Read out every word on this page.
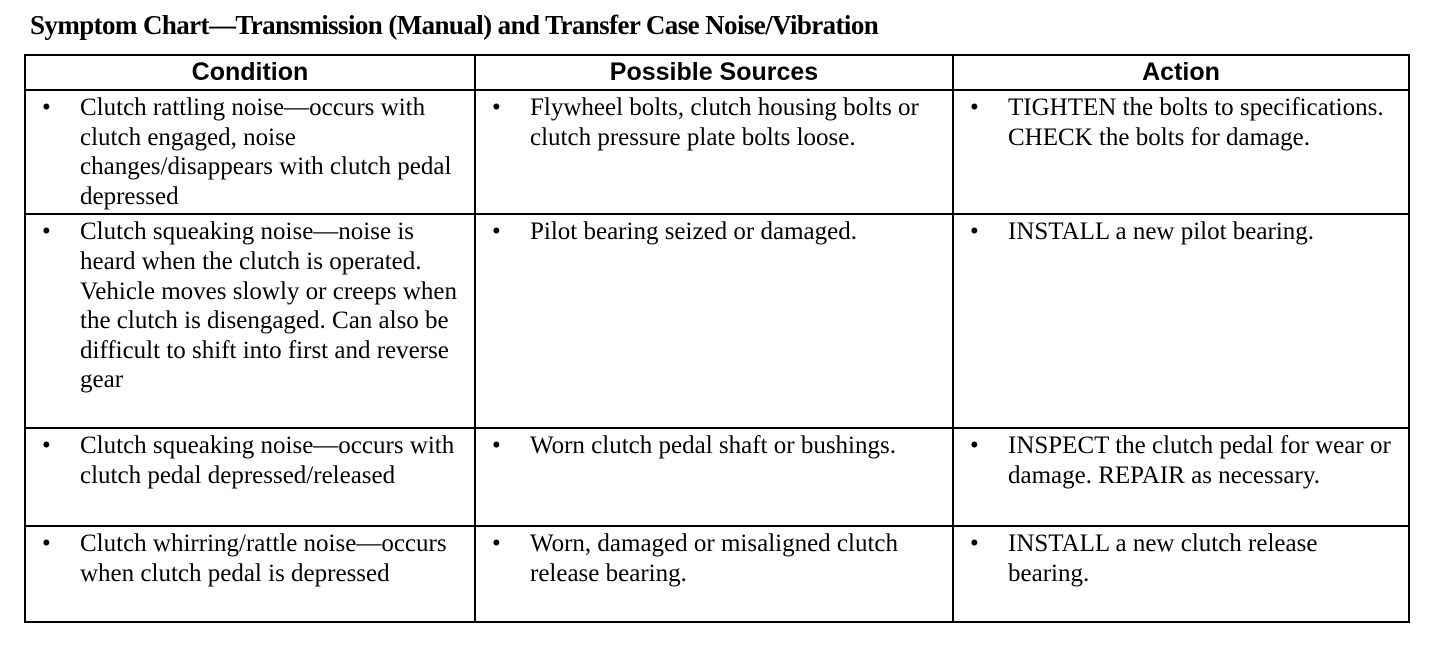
Symptom Chart—Transmission (Manual) and Transfer Case Noise/Vibration
Condition	Possible Sources	Action

• Clutch rattling noise—occurs with clutch engaged, noise changes/disappears with clutch pedal depressed	• Flywheel bolts, clutch housing bolts or clutch pressure plate bolts loose.	• TIGHTEN the bolts to specifications. CHECK the bolts for damage.

• Clutch squeaking noise—noise is heard when the clutch is operated. Vehicle moves slowly or creeps when the clutch is disengaged. Can also be difficult to shift into first and reverse gear	• Pilot bearing seized or damaged.	• INSTALL a new pilot bearing.

• Clutch squeaking noise—occurs with clutch pedal depressed/released	• Worn clutch pedal shaft or bushings.	• INSPECT the clutch pedal for wear or damage. REPAIR as necessary.

• Clutch whirring/rattle noise—occurs when clutch pedal is depressed	• Worn, damaged or misaligned clutch release bearing.	• INSTALL a new clutch release bearing.
